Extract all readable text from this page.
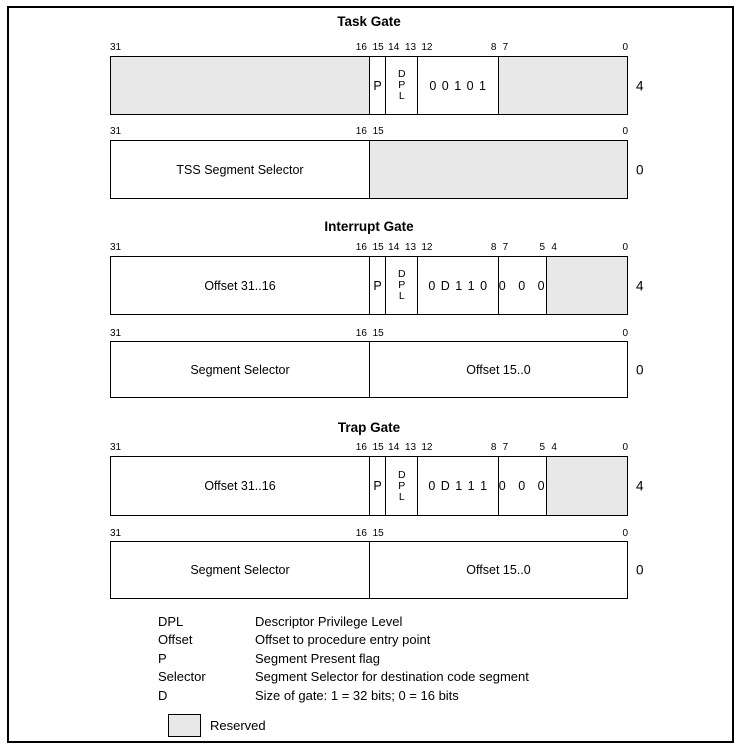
Task Gate
31	16 15 14 13 12	8 7	0
P
D
P
L
0 0 1 0 1	4
31	16 15	0
TSS Segment Selector	0
Interrupt Gate
31	16 15 14 13 12	8 7	5 4	0
Offset 31..16	P
D
P
L
0 D 1 1 0 0 0 0	4
31	16 15	0
Segment Selector	Offset 15..0	0
Trap Gate
31	16 15 14 13 12	8 7	5 4	0
Offset 31..16	P
D
P
L
0 D 1 1 1 0 0 0	4
31	16 15	0
Segment Selector	Offset 15..0	0
DPL	Descriptor Privilege Level
Offset	Offset to procedure entry point
P	Segment Present flag
Selector	Segment Selector for destination code segment
D	Size of gate: 1 = 32 bits; 0 = 16 bits
Reserved
